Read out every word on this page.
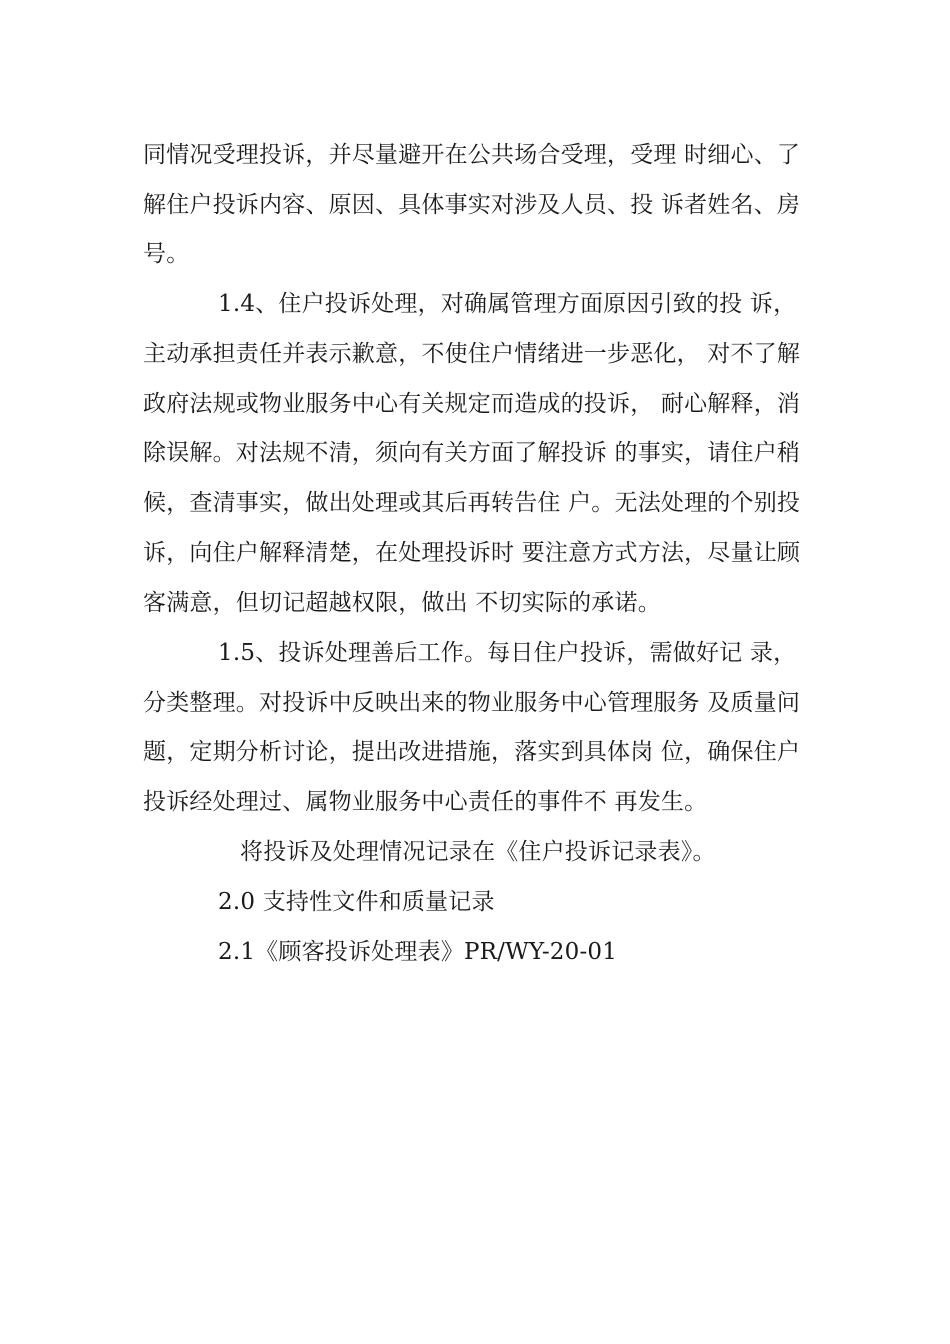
同情况受理投诉，并尽量避开在公共场合受理，受理 时细心、了
解住户投诉内容、原因、具体事实对涉及人员、投 诉者姓名、房
号。
1.4、住户投诉处理，对确属管理方面原因引致的投 诉，
主动承担责任并表示歉意，不使住户情绪进一步恶化， 对不了解
政府法规或物业服务中心有关规定而造成的投诉， 耐心解释，消
除误解。对法规不清，须向有关方面了解投诉 的事实，请住户稍
候，查清事实，做出处理或其后再转告住 户。无法处理的个别投
诉，向住户解释清楚，在处理投诉时 要注意方式方法，尽量让顾
客满意，但切记超越权限，做出 不切实际的承诺。
1.5、投诉处理善后工作。每日住户投诉，需做好记 录，
分类整理。对投诉中反映出来的物业服务中心管理服务 及质量问
题，定期分析讨论，提出改进措施，落实到具体岗 位，确保住户
投诉经处理过、属物业服务中心责任的事件不 再发生。
将投诉及处理情况记录在《住户投诉记录表》。
2.0 支持性文件和质量记录
2.1《顾客投诉处理表》PR/WY-20-01
